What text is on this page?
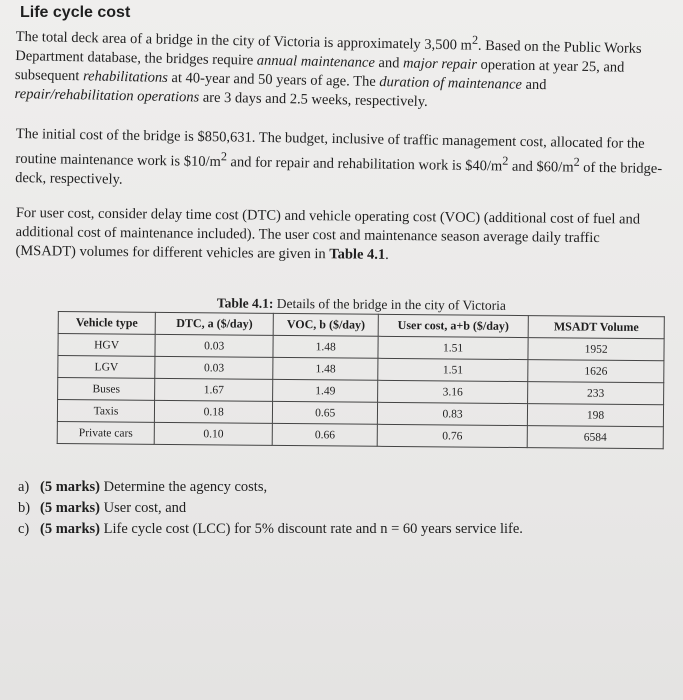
Life cycle cost
The total deck area of a bridge in the city of Victoria is approximately 3,500 $m^2$. Based on the Public Works Department database, the bridges require annual maintenance and major repair operation at year 25, and subsequent rehabilitations at 40-year and 50 years of age. The duration of maintenance and repair/rehabilitation operations are 3 days and 2.5 weeks, respectively.
The initial cost of the bridge is $850,631. The budget, inclusive of traffic management cost, allocated for the routine maintenance work is $\$10/m^2$ and for repair and rehabilitation work is $\$40/m^2$ and $\$60/m^2$ of the bridge-deck, respectively.
For user cost, consider delay time cost (DTC) and vehicle operating cost (VOC) (additional cost of fuel and additional cost of maintenance included). The user cost and maintenance season average daily traffic (MSADT) volumes for different vehicles are given in Table 4.1.
Table 4.1: Details of the bridge in the city of Victoria
Vehicle type	DTC, a ($/day)	VOC, b ($/day)	User cost, a+b ($/day)	MSADT Volume
HGV	0.03	1.48	1.51	1952
LGV	0.03	1.48	1.51	1626
Buses	1.67	1.49	3.16	233
Taxis	0.18	0.65	0.83	198
Private cars	0.10	0.66	0.76	6584
a) (5 marks) Determine the agency costs,
b) (5 marks) User cost, and
c) (5 marks) Life cycle cost (LCC) for 5% discount rate and n = 60 years service life.
